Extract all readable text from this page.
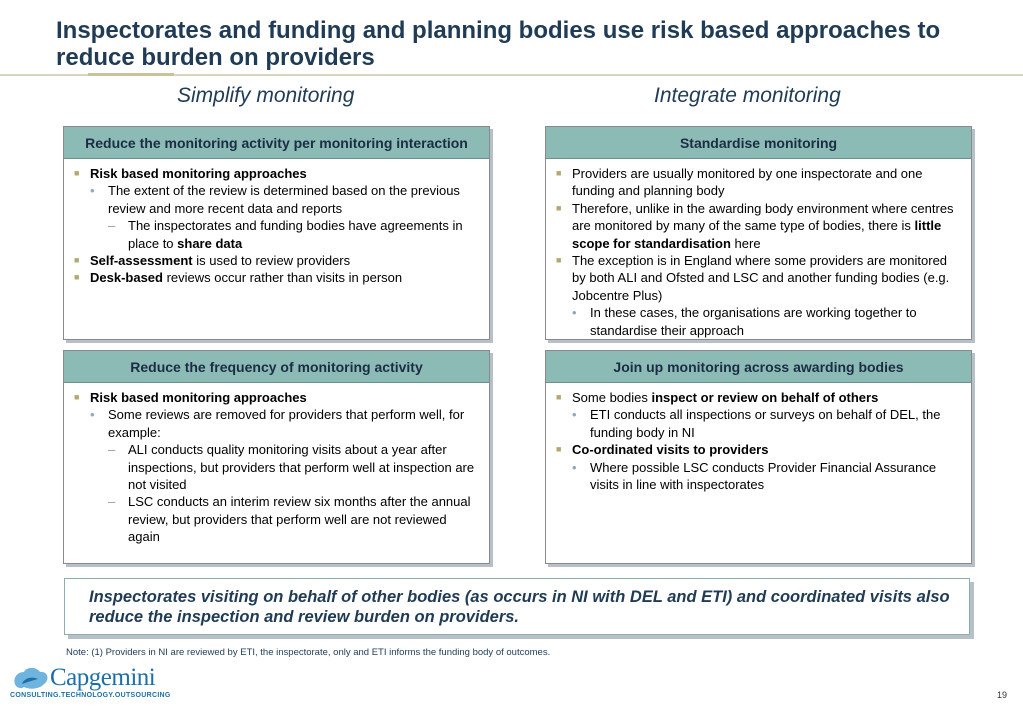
Inspectorates and funding and planning bodies use risk based approaches to reduce burden on providers
Simplify monitoring	Integrate monitoring
Reduce the monitoring activity per monitoring interaction
■ Risk based monitoring approaches
•	The extent of the review is determined based on the previous review and more recent data and reports
– The inspectorates and funding bodies have agreements in place to share data
■ Self-assessment is used to review providers
■ Desk-based reviews occur rather than visits in person
Standardise monitoring
■ Providers are usually monitored by one inspectorate and one funding and planning body
■ Therefore, unlike in the awarding body environment where centres are monitored by many of the same type of bodies, there is little scope for standardisation here
■ The exception is in England where some providers are monitored by both ALI and Ofsted and LSC and another funding bodies (e.g. Jobcentre Plus)
•	In these cases, the organisations are working together to standardise their approach
Reduce the frequency of monitoring activity
■ Risk based monitoring approaches
•	Some reviews are removed for providers that perform well, for example:
– ALI conducts quality monitoring visits about a year after inspections, but providers that perform well at inspection are not visited
– LSC conducts an interim review six months after the annual review, but providers that perform well are not reviewed again
Join up monitoring across awarding bodies
■ Some bodies inspect or review on behalf of others
•	ETI conducts all inspections or surveys on behalf of DEL, the funding body in NI
■ Co-ordinated visits to providers
•	Where possible LSC conducts Provider Financial Assurance visits in line with inspectorates
Inspectorates visiting on behalf of other bodies (as occurs in NI with DEL and ETI) and coordinated visits also reduce the inspection and review burden on providers.
Note: (1) Providers in NI are reviewed by ETI, the inspectorate, only and ETI informs the funding body of outcomes.
Capgemini
CONSULTING.TECHNOLOGY.OUTSOURCING	19
